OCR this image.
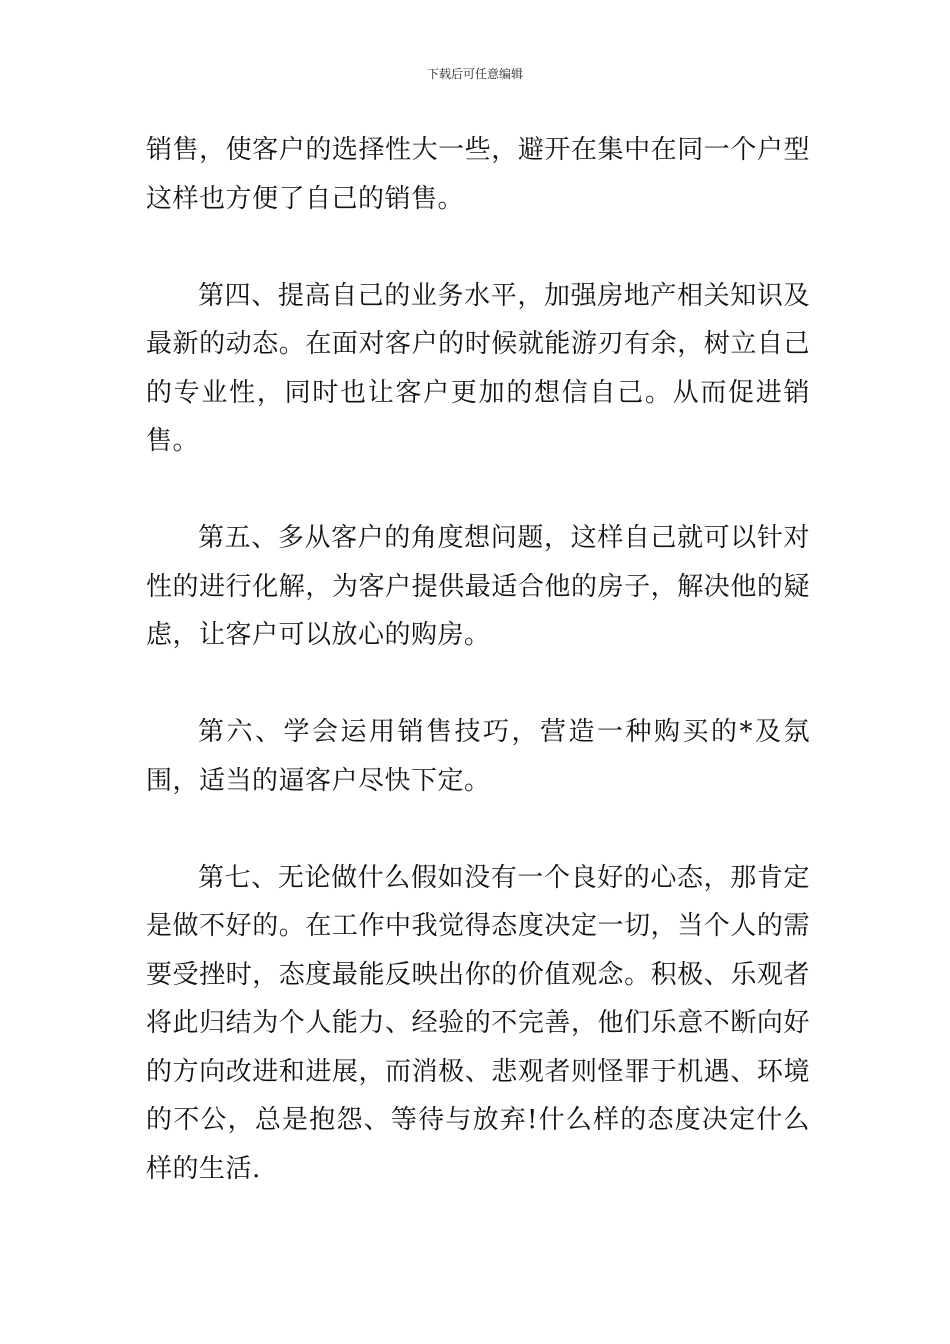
下载后可任意编辑

销售，使客户的选择性大一些，避开在集中在同一个户型这样也方便了自己的销售。

第四、提高自己的业务水平，加强房地产相关知识及最新的动态。在面对客户的时候就能游刃有余，树立自己的专业性，同时也让客户更加的想信自己。从而促进销售。

第五、多从客户的角度想问题，这样自己就可以针对性的进行化解，为客户提供最适合他的房子，解决他的疑虑，让客户可以放心的购房。

第六、学会运用销售技巧，营造一种购买的*及氛围，适当的逼客户尽快下定。

第七、无论做什么假如没有一个良好的心态，那肯定是做不好的。在工作中我觉得态度决定一切，当个人的需要受挫时，态度最能反映出你的价值观念。积极、乐观者将此归结为个人能力、经验的不完善，他们乐意不断向好的方向改进和进展，而消极、悲观者则怪罪于机遇、环境的不公，总是抱怨、等待与放弃!什么样的态度决定什么样的生活.
